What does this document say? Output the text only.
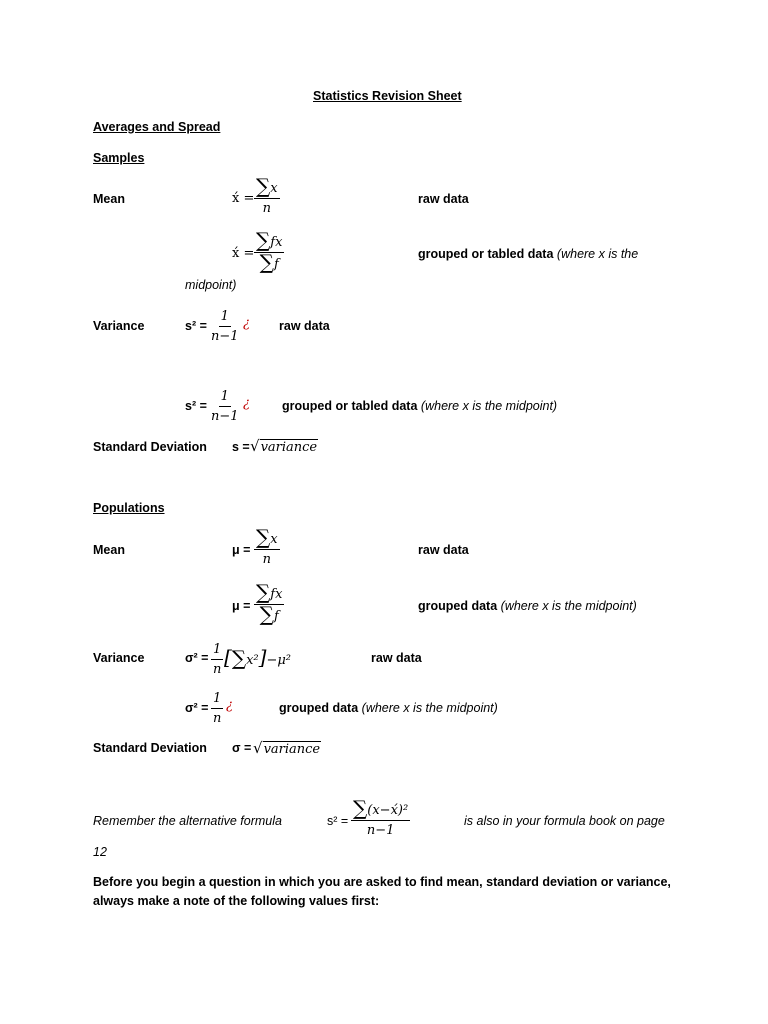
Statistics Revision Sheet
Averages and Spread
Samples
Mean	x́ = $\frac{\sum x}{n}$	raw data
x́ = $\frac{\sum fx}{\sum f}$	grouped or tabled data (where x is the
midpoint)
Variance	$s^2 = \frac{1}{n-1}$ ¿ raw data
$s^2 = \frac{1}{n-1}$ ¿	grouped or tabled data (where x is the midpoint)
Standard Deviation s = √variance
Populations
Mean	$\mu = \frac{\sum x}{n}$	raw data
$\mu = \frac{\sum fx}{\sum f}$	grouped data (where x is the midpoint)
Variance	$\sigma^2 = \frac{1}{n} [\sum x^2]-\mu^2$	raw data
$\sigma^2 = \frac{1}{n}$ ¿	grouped data (where x is the midpoint)
Standard Deviation σ = √variance
Remember the alternative formula	$s^2 = \frac{\text{∑(x−x́)²}}{n-1}$	is also in your formula book on page
12
Before you begin a question in which you are asked to find mean, standard deviation or variance,
always make a note of the following values first:
